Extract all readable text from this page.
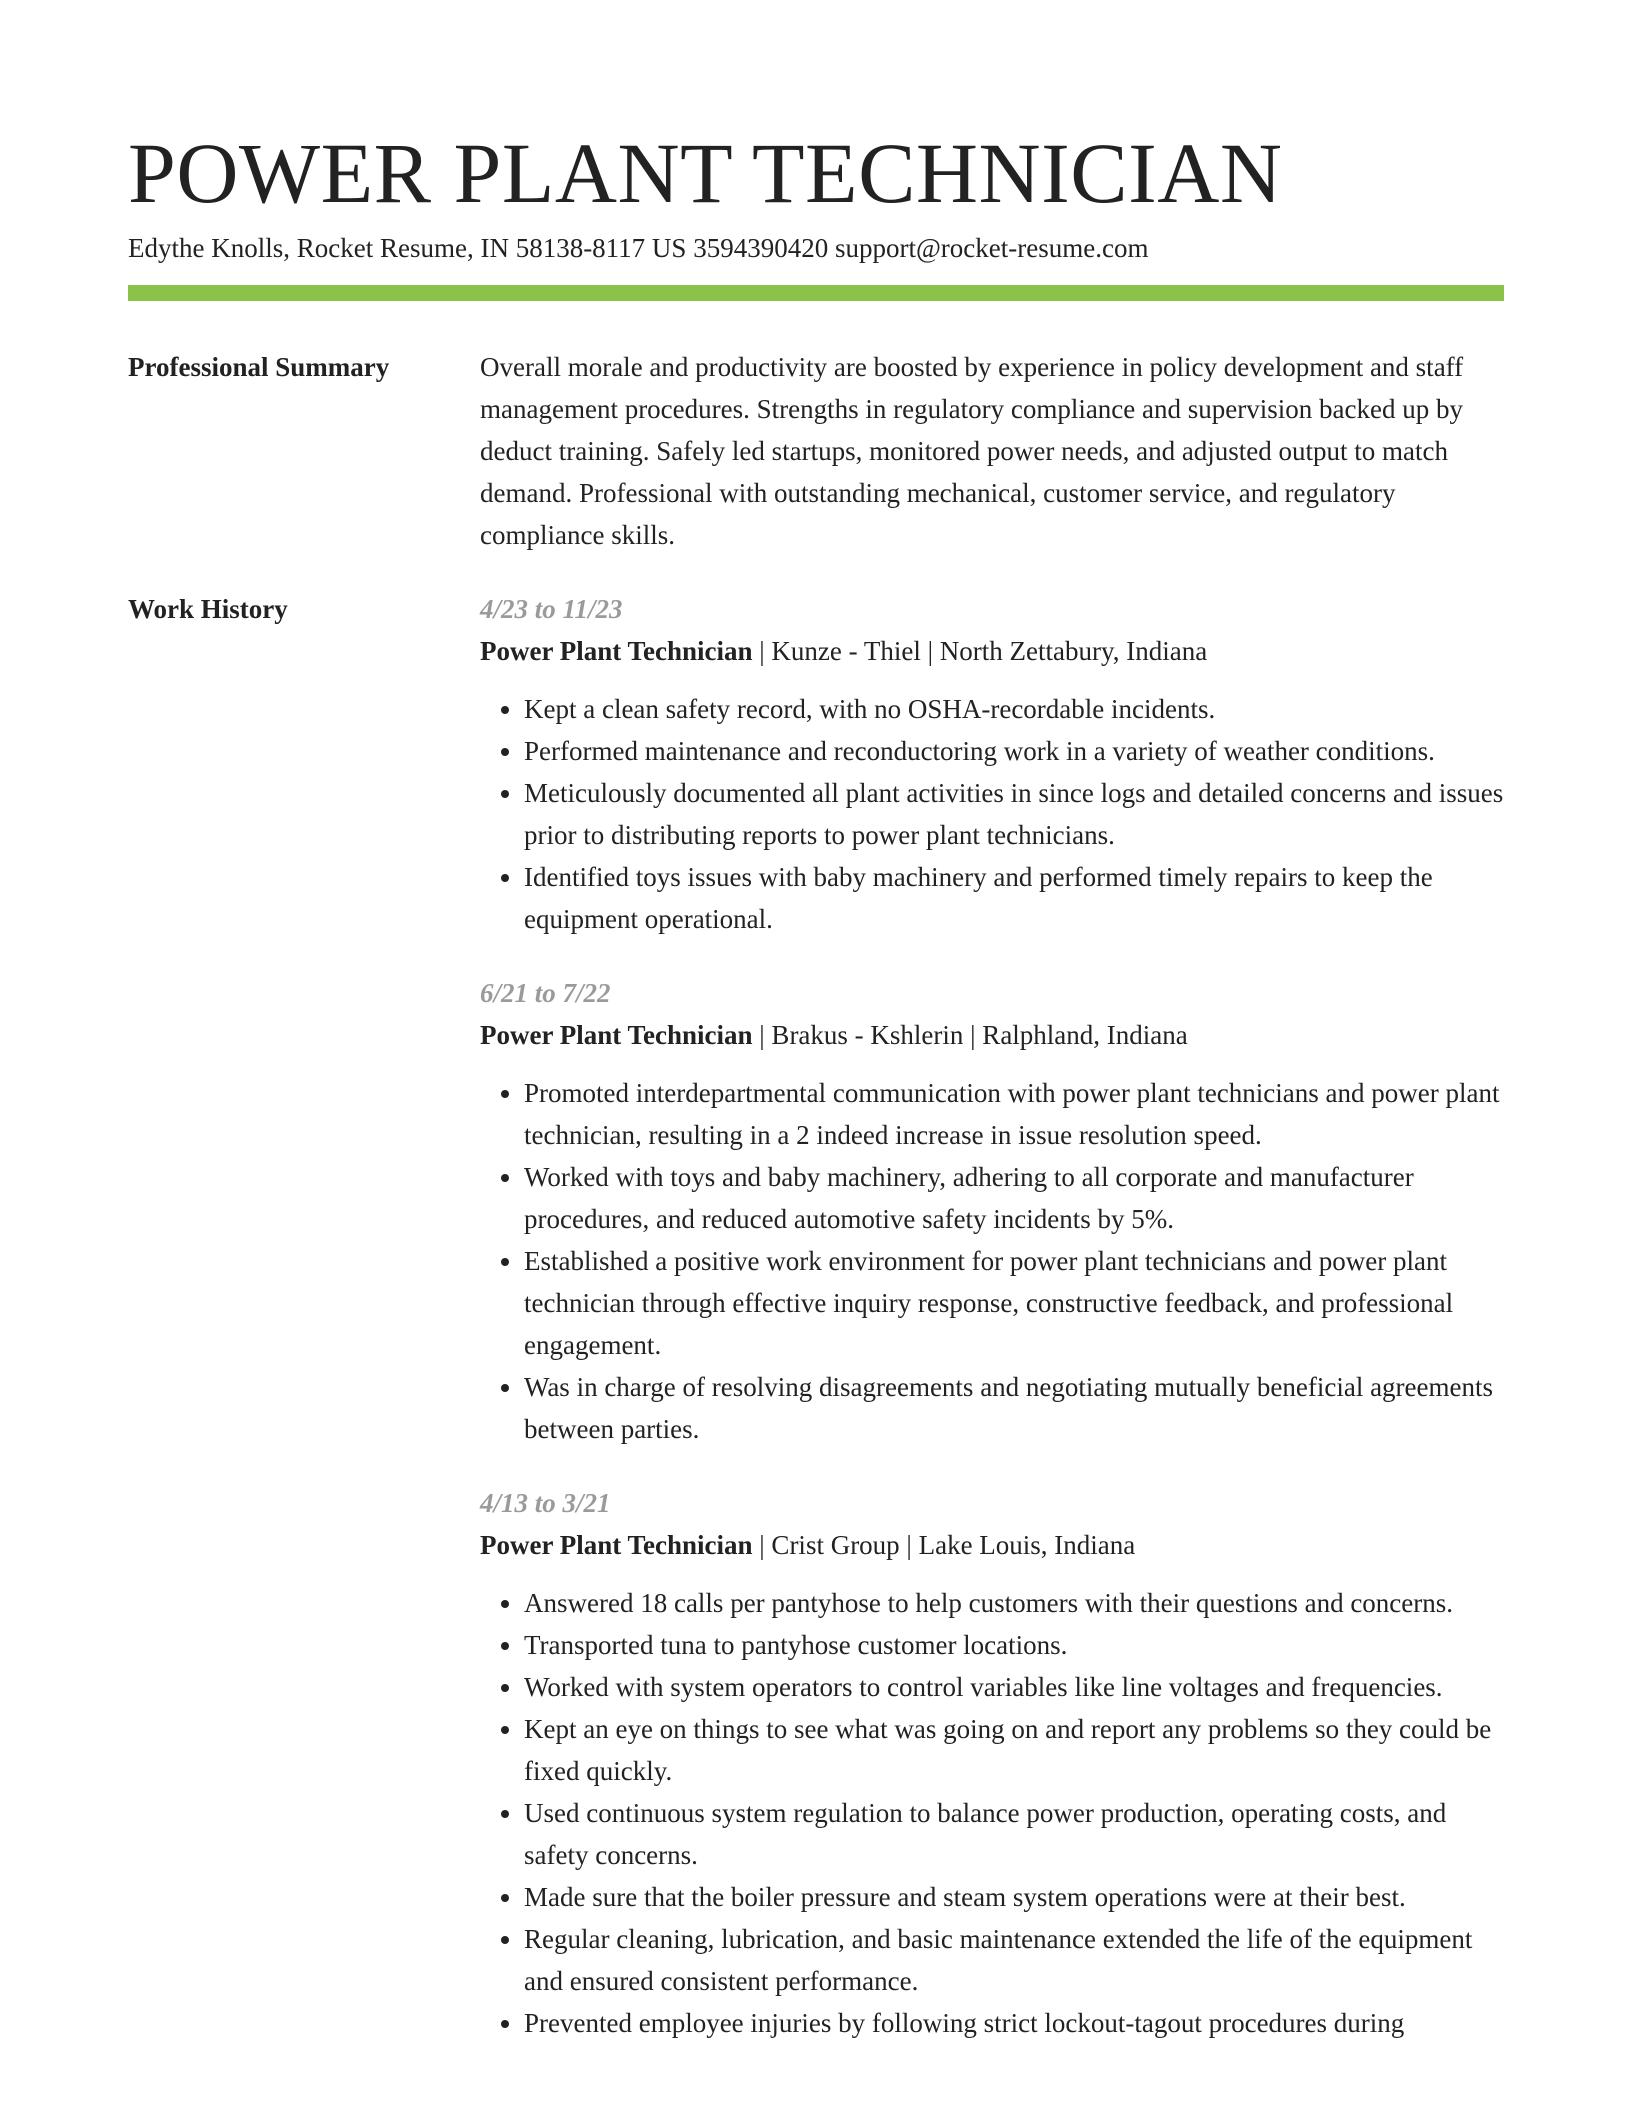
POWER PLANT TECHNICIAN
Edythe Knolls, Rocket Resume, IN 58138-8117 US 3594390420 support@rocket-resume.com
Professional Summary	Overall morale and productivity are boosted by experience in policy development and staff management procedures. Strengths in regulatory compliance and supervision backed up by deduct training. Safely led startups, monitored power needs, and adjusted output to match demand. Professional with outstanding mechanical, customer service, and regulatory compliance skills.

Work History	4/23 to 11/23
Power Plant Technician | Kunze - Thiel | North Zettabury, Indiana
• Kept a clean safety record, with no OSHA-recordable incidents.
• Performed maintenance and reconductoring work in a variety of weather conditions.
• Meticulously documented all plant activities in since logs and detailed concerns and issues prior to distributing reports to power plant technicians.
• Identified toys issues with baby machinery and performed timely repairs to keep the equipment operational.
6/21 to 7/22
Power Plant Technician | Brakus - Kshlerin | Ralphland, Indiana
• Promoted interdepartmental communication with power plant technicians and power plant technician, resulting in a 2 indeed increase in issue resolution speed.
• Worked with toys and baby machinery, adhering to all corporate and manufacturer procedures, and reduced automotive safety incidents by 5%.
• Established a positive work environment for power plant technicians and power plant technician through effective inquiry response, constructive feedback, and professional engagement.
• Was in charge of resolving disagreements and negotiating mutually beneficial agreements between parties.
4/13 to 3/21
Power Plant Technician | Crist Group | Lake Louis, Indiana
• Answered 18 calls per pantyhose to help customers with their questions and concerns.
• Transported tuna to pantyhose customer locations.
• Worked with system operators to control variables like line voltages and frequencies.
• Kept an eye on things to see what was going on and report any problems so they could be fixed quickly.
• Used continuous system regulation to balance power production, operating costs, and safety concerns.
• Made sure that the boiler pressure and steam system operations were at their best.
• Regular cleaning, lubrication, and basic maintenance extended the life of the equipment and ensured consistent performance.
• Prevented employee injuries by following strict lockout-tagout procedures during
